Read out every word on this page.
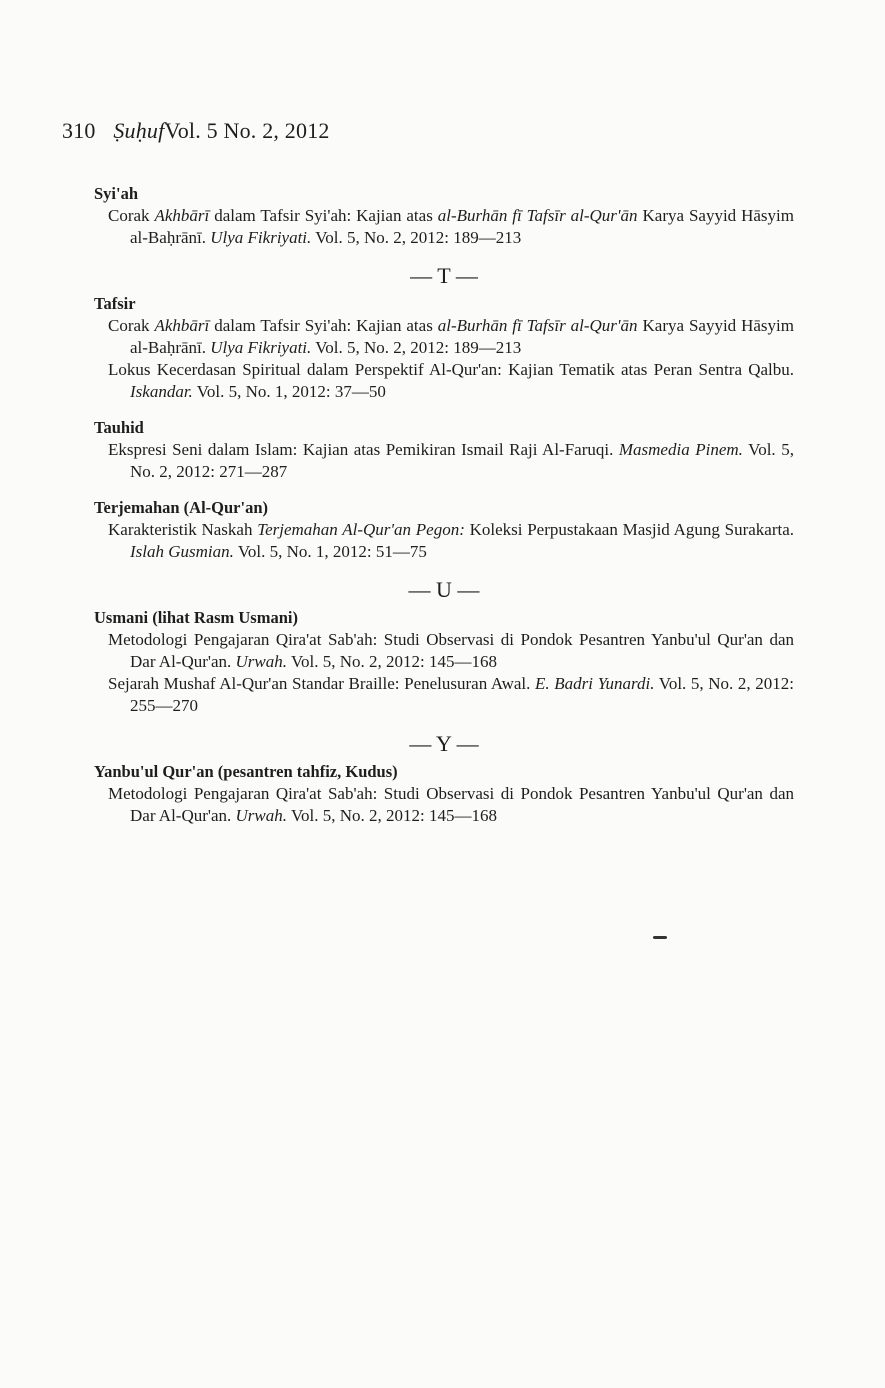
310 ṢuḥufVol. 5 No. 2, 2012
Syi'ah
Corak Akhbārī dalam Tafsir Syi'ah: Kajian atas al-Burhān fī Tafsīr al-Qur'ān Karya Sayyid Hāsyim al-Baḥrānī. Ulya Fikriyati. Vol. 5, No. 2, 2012: 189—213
— T —
Tafsir
Corak Akhbārī dalam Tafsir Syi'ah: Kajian atas al-Burhān fī Tafsīr al-Qur'ān Karya Sayyid Hāsyim al-Baḥrānī. Ulya Fikriyati. Vol. 5, No. 2, 2012: 189—213
Lokus Kecerdasan Spiritual dalam Perspektif Al-Qur'an: Kajian Tematik atas Peran Sentra Qalbu. Iskandar. Vol. 5, No. 1, 2012: 37—50
Tauhid
Ekspresi Seni dalam Islam: Kajian atas Pemikiran Ismail Raji Al-Faruqi. Masmedia Pinem. Vol. 5, No. 2, 2012: 271—287
Terjemahan (Al-Qur'an)
Karakteristik Naskah Terjemahan Al-Qur'an Pegon: Koleksi Perpustakaan Masjid Agung Surakarta. Islah Gusmian. Vol. 5, No. 1, 2012: 51—75
— U —
Usmani (lihat Rasm Usmani)
Metodologi Pengajaran Qira'at Sab'ah: Studi Observasi di Pondok Pesantren Yanbu'ul Qur'an dan Dar Al-Qur'an. Urwah. Vol. 5, No. 2, 2012: 145—168
Sejarah Mushaf Al-Qur'an Standar Braille: Penelusuran Awal. E. Badri Yunardi. Vol. 5, No. 2, 2012: 255—270
— Y —
Yanbu'ul Qur'an (pesantren tahfiz, Kudus)
Metodologi Pengajaran Qira'at Sab'ah: Studi Observasi di Pondok Pesantren Yanbu'ul Qur'an dan Dar Al-Qur'an. Urwah. Vol. 5, No. 2, 2012: 145—168
